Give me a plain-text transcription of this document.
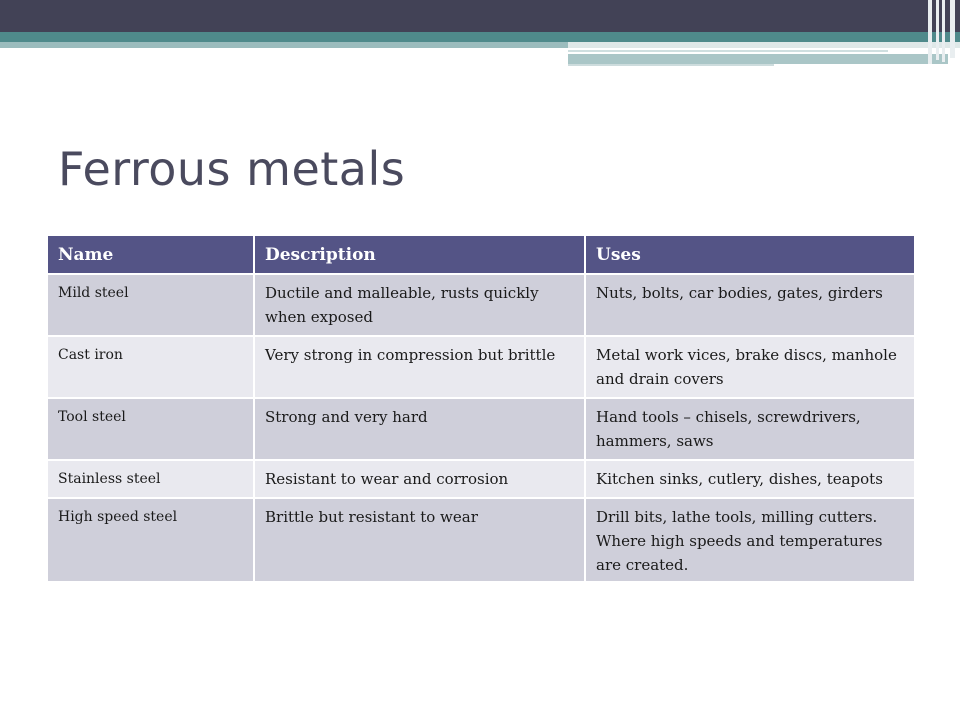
Ferrous metals
Name	Description	Uses
Mild steel	Ductile and malleable, rusts quickly when exposed	Nuts, bolts, car bodies, gates, girders
Cast iron	Very strong in compression but brittle	Metal work vices, brake discs, manhole and drain covers
Tool steel	Strong and very hard	Hand tools – chisels, screwdrivers, hammers, saws
Stainless steel	Resistant to wear and corrosion	Kitchen sinks, cutlery, dishes, teapots
High speed steel	Brittle but resistant to wear	Drill bits, lathe tools, milling cutters. Where high speeds and temperatures are created.
